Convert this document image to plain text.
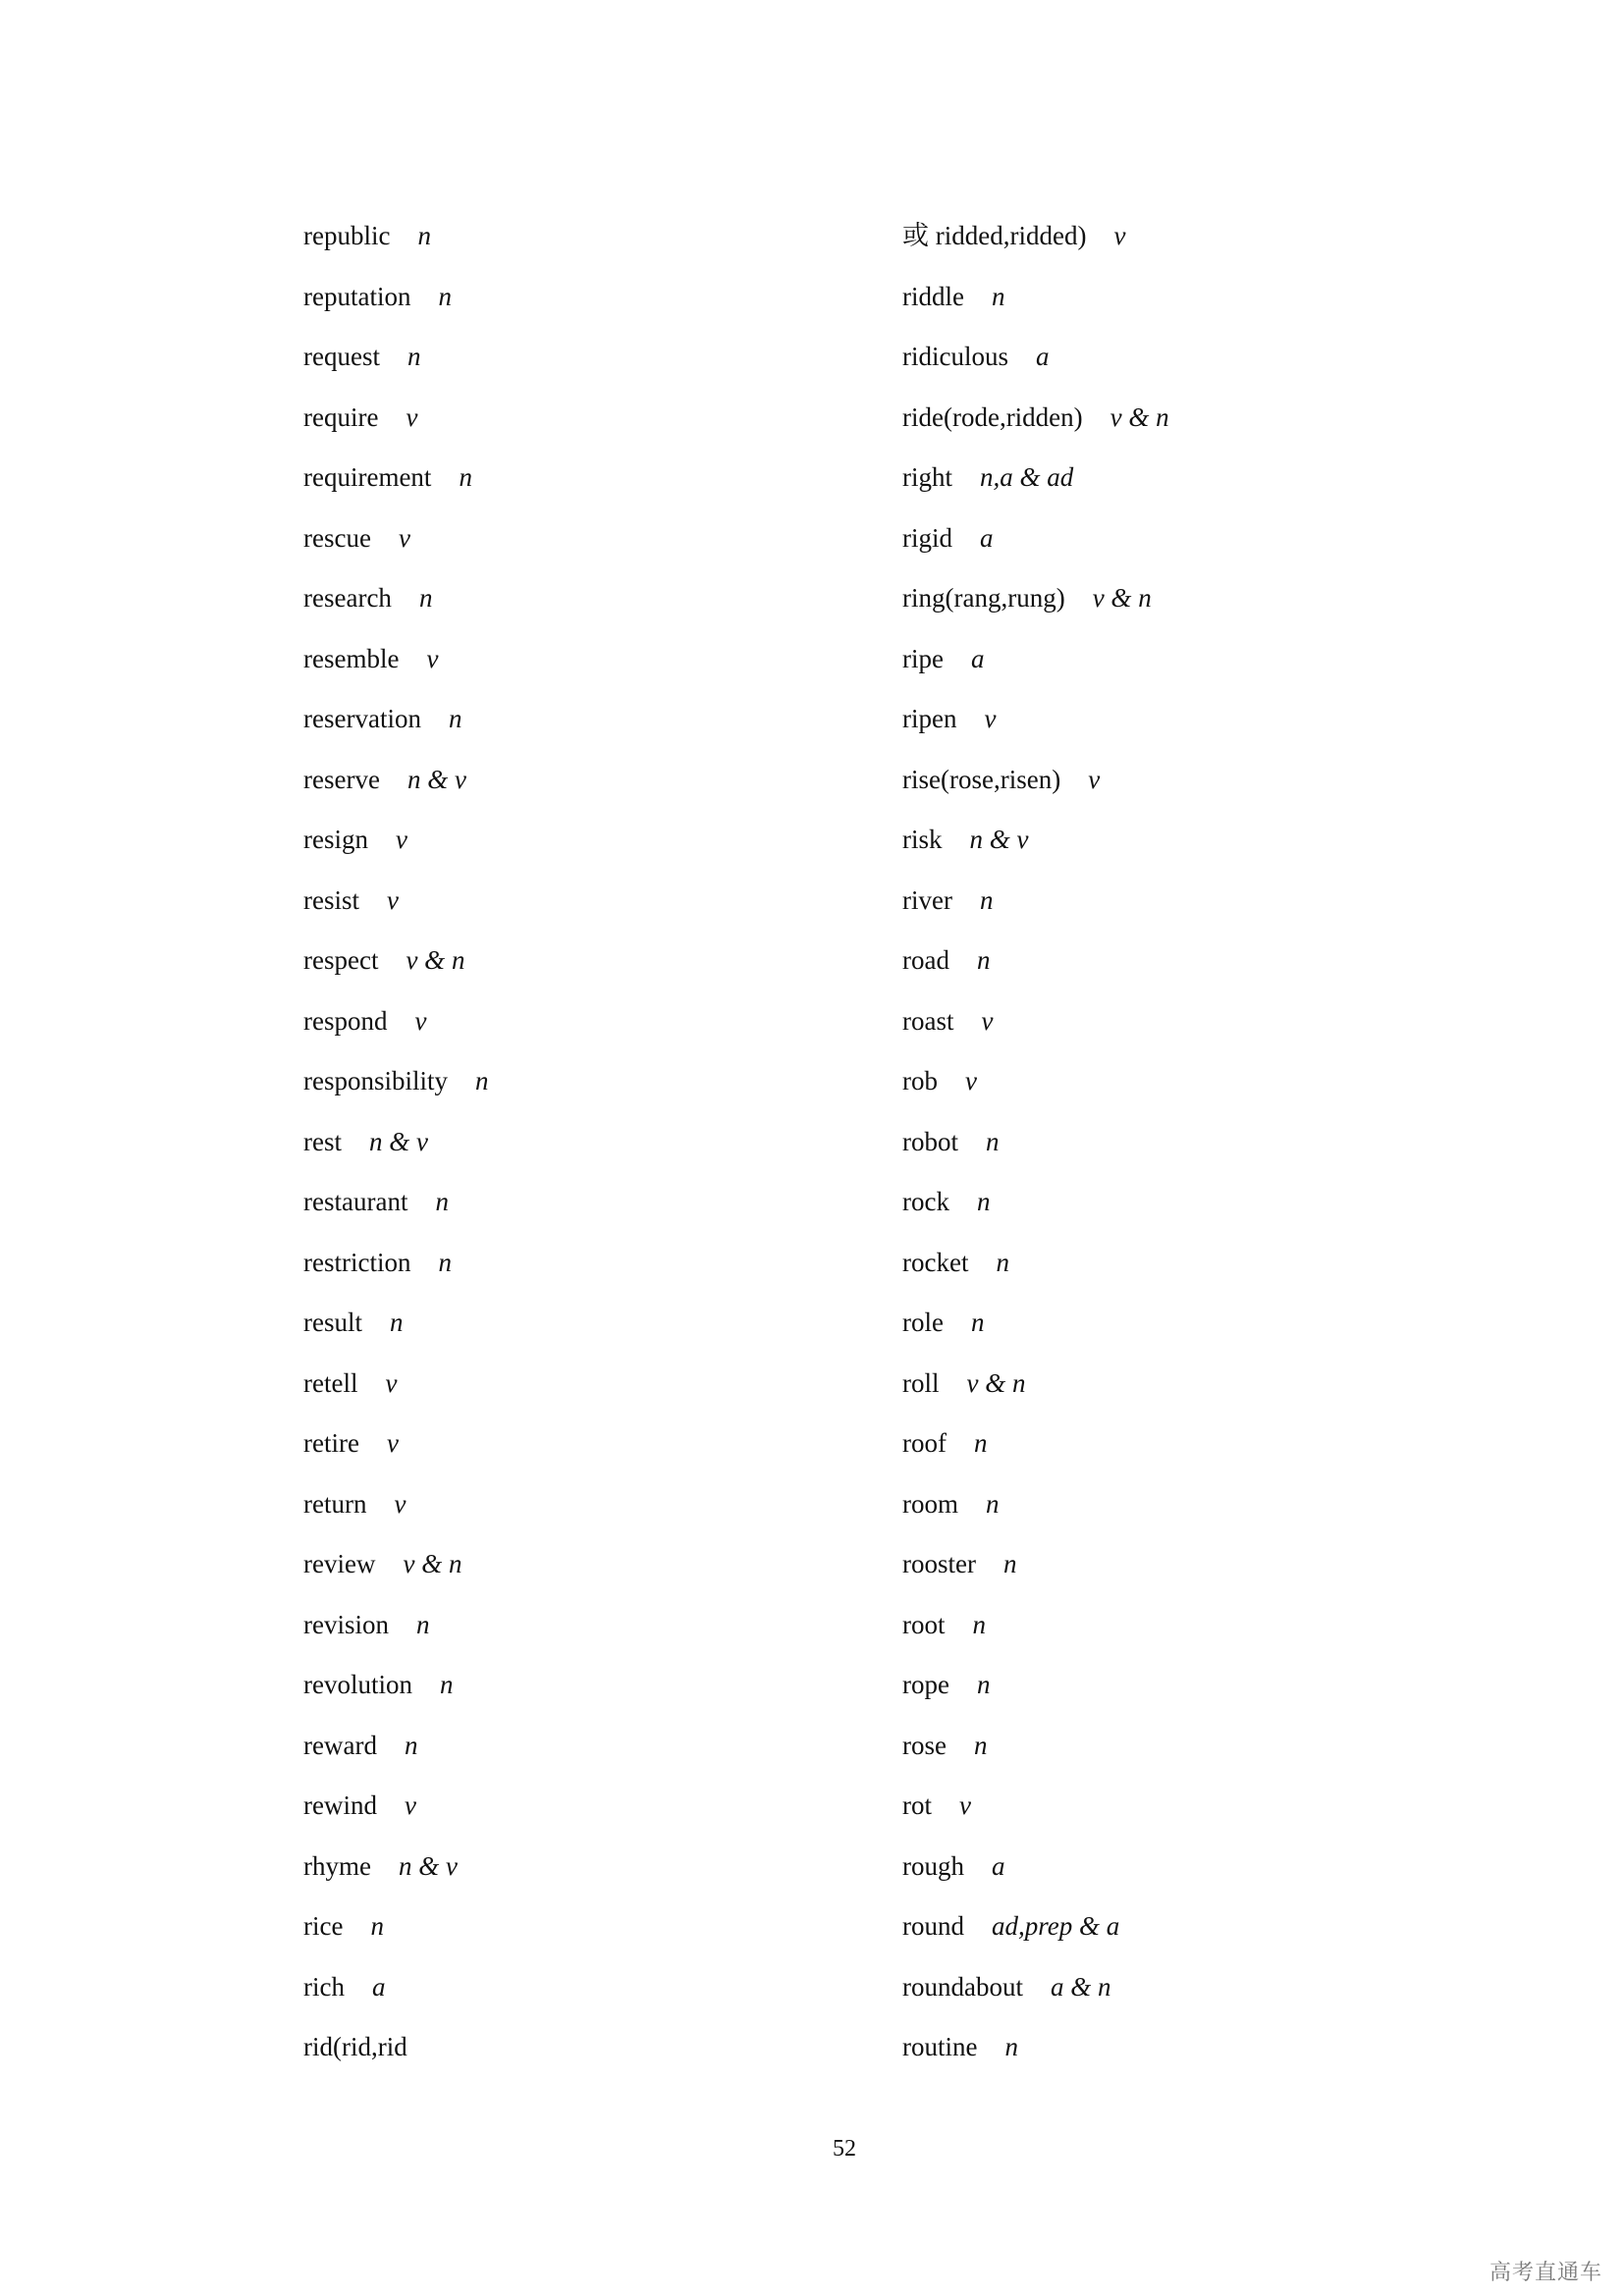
republic n
reputation n
request n
require v
requirement n
rescue v
research n
resemble v
reservation n
reserve n & v
resign v
resist v
respect v & n
respond v
responsibility n
rest n & v
restaurant n
restriction n
result n
retell v
retire v
return v
review v & n
revision n
revolution n
reward n
rewind v
rhyme n & v
rice n
rich a
rid(rid,rid
或 ridded,ridded) v
riddle n
ridiculous a
ride(rode,ridden) v & n
right n,a & ad
rigid a
ring(rang,rung) v & n
ripe a
ripen v
rise(rose,risen) v
risk n & v
river n
road n
roast v
rob v
robot n
rock n
rocket n
role n
roll v & n
roof n
room n
rooster n
root n
rope n
rose n
rot v
rough a
round ad,prep & a
roundabout a & n
routine n
52
高考直通车
